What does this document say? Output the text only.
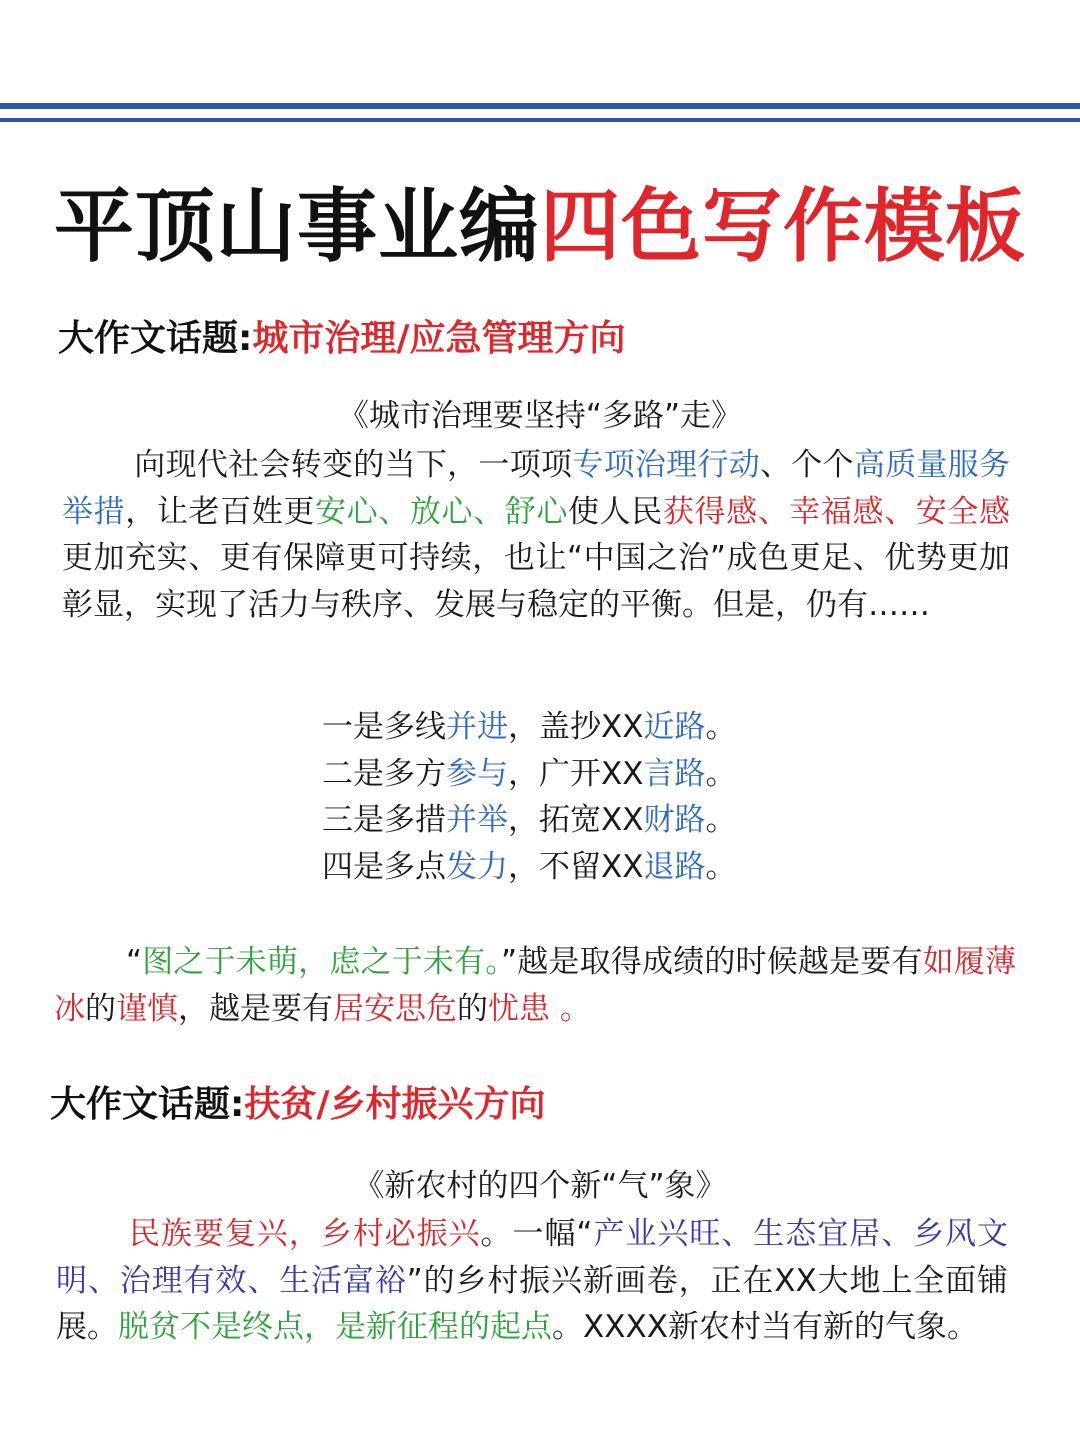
平顶山事业编四色写作模板
大作文话题:城市治理/应急管理方向
《城市治理要坚持“多路”走》
向现代社会转变的当下，一项项专项治理行动、个个高质量服务举措，让老百姓更安心、放心、舒心使人民获得感、幸福感、安全感更加充实、更有保障更可持续，也让“中国之治”成色更足、优势更加彰显，实现了活力与秩序、发展与稳定的平衡。但是，仍有……
一是多线并进，盖抄XX近路。
二是多方参与，广开XX言路。
三是多措并举，拓宽XX财路。
四是多点发力，不留XX退路。
“图之于未萌，虑之于未有。”越是取得成绩的时候越是要有如履薄冰的谨慎，越是要有居安思危的忧患 。
大作文话题:扶贫/乡村振兴方向
《新农村的四个新“气”象》
民族要复兴，乡村必振兴。一幅“产业兴旺、生态宜居、乡风文明、治理有效、生活富裕”的乡村振兴新画卷，正在XX大地上全面铺展。脱贫不是终点，是新征程的起点。XXXX新农村当有新的气象。
